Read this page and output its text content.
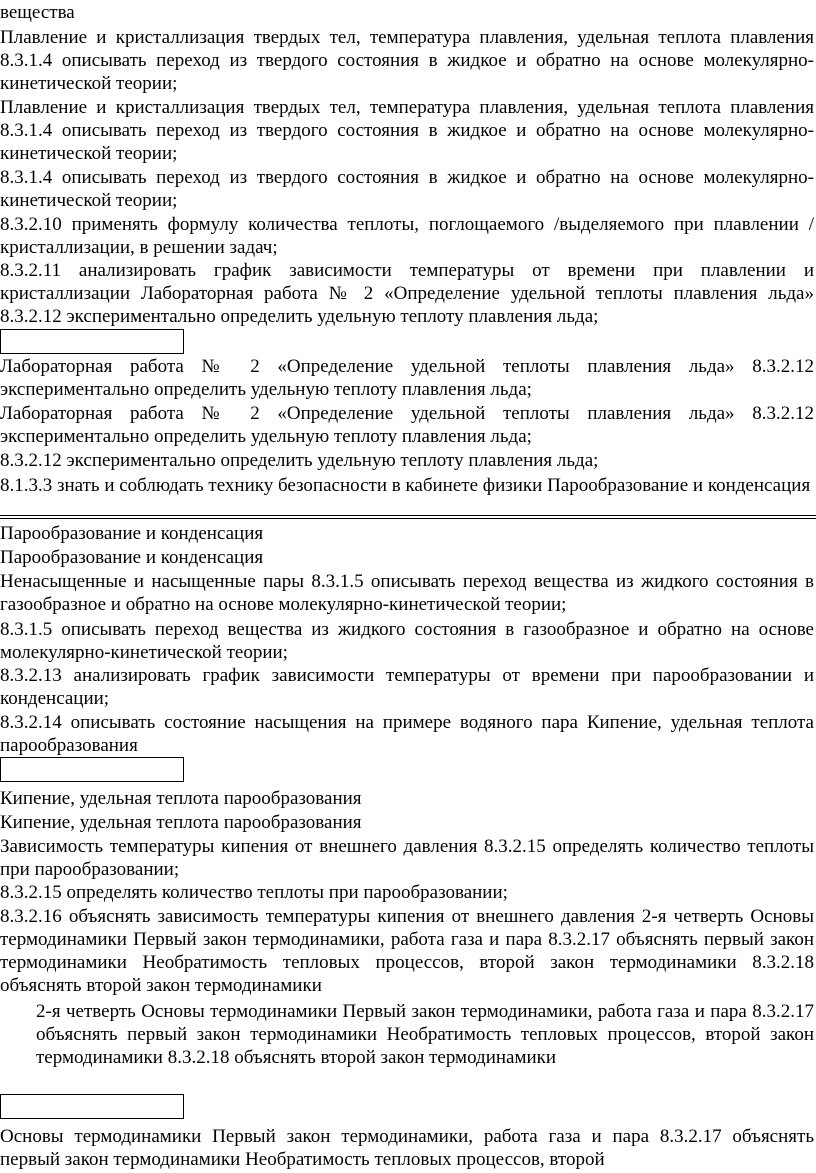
вещества

Плавление и кристаллизация твердых тел, температура плавления, удельная теплота плавления 8.3.1.4 описывать переход из твердого состояния в жидкое и обратно на основе молекулярно-кинетической теории;

Плавление и кристаллизация твердых тел, температура плавления, удельная теплота плавления 8.3.1.4 описывать переход из твердого состояния в жидкое и обратно на основе молекулярно-кинетической теории;

8.3.1.4 описывать переход из твердого состояния в жидкое и обратно на основе молекулярно-кинетической теории;

8.3.2.10 применять формулу количества теплоты, поглощаемого /выделяемого при плавлении /кристаллизации, в решении задач;

8.3.2.11 анализировать график зависимости температуры от времени при плавлении и кристаллизации Лабораторная работа № 2 «Определение удельной теплоты плавления льда» 8.3.2.12 экспериментально определить удельную теплоту плавления льда;

Лабораторная работа № 2 «Определение удельной теплоты плавления льда» 8.3.2.12 экспериментально определить удельную теплоту плавления льда;

Лабораторная работа № 2 «Определение удельной теплоты плавления льда» 8.3.2.12 экспериментально определить удельную теплоту плавления льда;

8.3.2.12 экспериментально определить удельную теплоту плавления льда;

8.1.3.3 знать и соблюдать технику безопасности в кабинете физики Парообразование и конденсация

Парообразование и конденсация

Парообразование и конденсация

Ненасыщенные и насыщенные пары 8.3.1.5 описывать переход вещества из жидкого состояния в газообразное и обратно на основе молекулярно-кинетической теории;

8.3.1.5 описывать переход вещества из жидкого состояния в газообразное и обратно на основе молекулярно-кинетической теории;

8.3.2.13 анализировать график зависимости температуры от времени при парообразовании и конденсации;

8.3.2.14 описывать состояние насыщения на примере водяного пара Кипение, удельная теплота парообразования

Кипение, удельная теплота парообразования

Кипение, удельная теплота парообразования

Зависимость температуры кипения от внешнего давления 8.3.2.15 определять количество теплоты при парообразовании;

8.3.2.15 определять количество теплоты при парообразовании;

8.3.2.16 объяснять зависимость температуры кипения от внешнего давления 2-я четверть Основы термодинамики Первый закон термодинамики, работа газа и пара 8.3.2.17 объяснять первый закон термодинамики Необратимость тепловых процессов, второй закон термодинамики 8.3.2.18 объяснять второй закон термодинамики

2-я четверть Основы термодинамики Первый закон термодинамики, работа газа и пара 8.3.2.17 объяснять первый закон термодинамики Необратимость тепловых процессов, второй закон термодинамики 8.3.2.18 объяснять второй закон термодинамики

Основы термодинамики Первый закон термодинамики, работа газа и пара 8.3.2.17 объяснять первый закон термодинамики Необратимость тепловых процессов, второй
